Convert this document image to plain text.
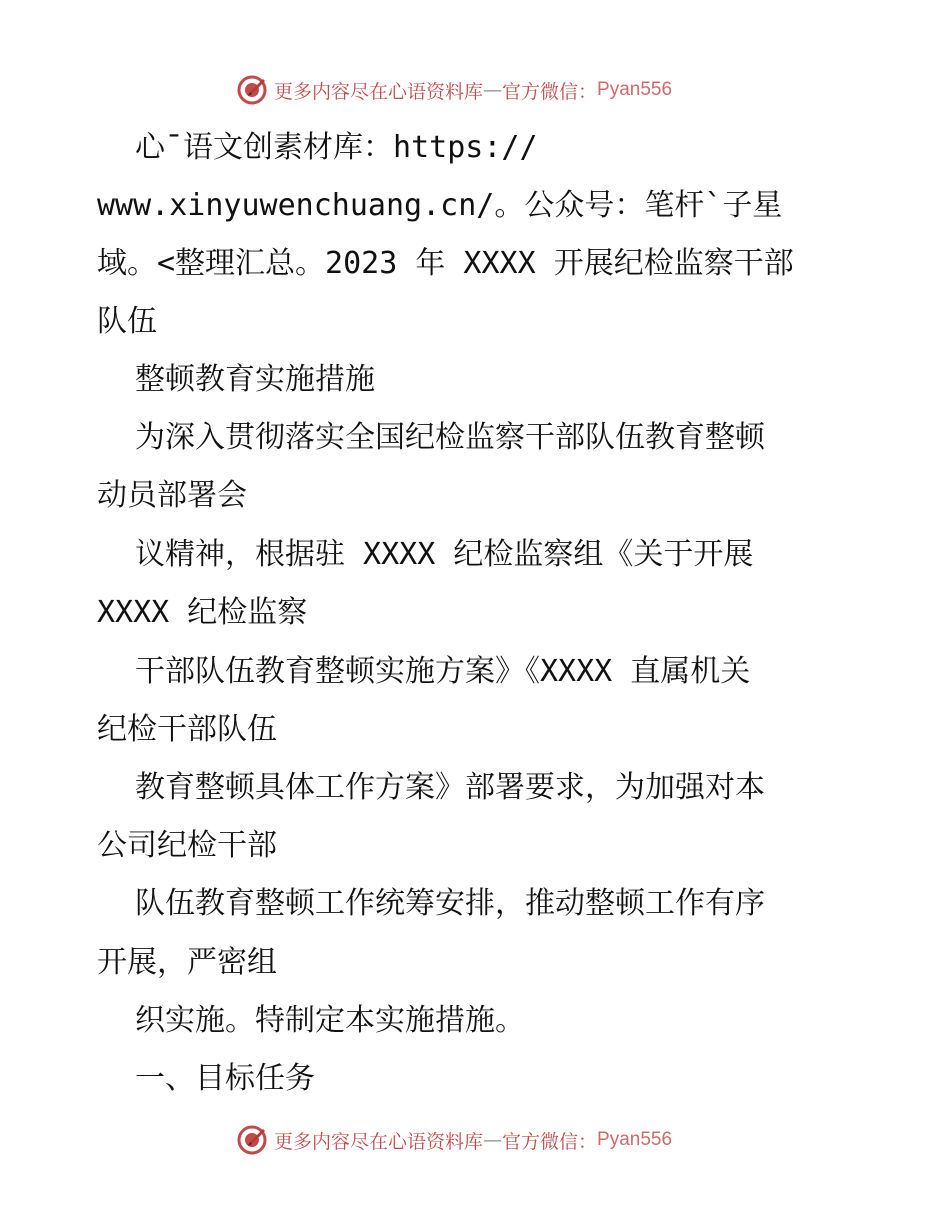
更多内容尽在心语资料库 — 官方微信： Pyan556
心¯语文创素材库：https://
www.xinyuwenchuang.cn/。公众号：笔杆`子星
域。<整理汇总。2023 年 XXXX 开展纪检监察干部
队伍
整顿教育实施措施
为深入贯彻落实全国纪检监察干部队伍教育整顿
动员部署会
议精神，根据驻 XXXX 纪检监察组《关于开展
XXXX 纪检监察
干部队伍教育整顿实施方案》《XXXX 直属机关
纪检干部队伍
教育整顿具体工作方案》部署要求，为加强对本
公司纪检干部
队伍教育整顿工作统筹安排，推动整顿工作有序
开展，严密组
织实施。特制定本实施措施。
一、目标任务
更多内容尽在心语资料库 — 官方微信： Pyan556
